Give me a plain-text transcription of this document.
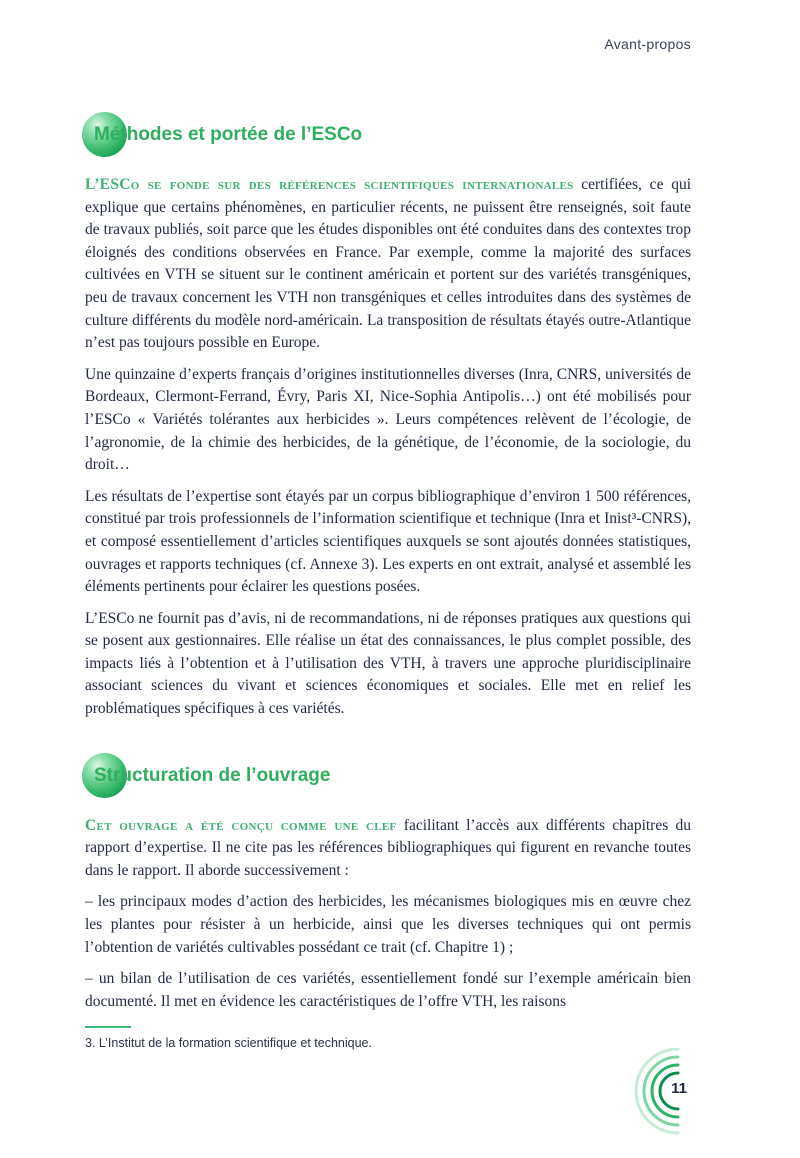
Avant-propos
Méthodes et portée de l’ESCo

L’ESCo se fonde sur des références scientifiques internationales certifiées, ce qui explique que certains phénomènes, en particulier récents, ne puissent être renseignés, soit faute de travaux publiés, soit parce que les études disponibles ont été conduites dans des contextes trop éloignés des conditions observées en France. Par exemple, comme la majorité des surfaces cultivées en VTH se situent sur le continent américain et portent sur des variétés transgéniques, peu de travaux concernent les VTH non transgéniques et celles introduites dans des systèmes de culture différents du modèle nord-américain. La transposition de résultats étayés outre-Atlantique n’est pas toujours possible en Europe.

Une quinzaine d’experts français d’origines institutionnelles diverses (Inra, CNRS, universités de Bordeaux, Clermont-Ferrand, Évry, Paris XI, Nice-Sophia Antipolis…) ont été mobilisés pour l’ESCo « Variétés tolérantes aux herbicides ». Leurs compétences relèvent de l’écologie, de l’agronomie, de la chimie des herbicides, de la génétique, de l’économie, de la sociologie, du droit…

Les résultats de l’expertise sont étayés par un corpus bibliographique d’environ 1 500 références, constitué par trois professionnels de l’information scientifique et technique (Inra et Inist³-CNRS), et composé essentiellement d’articles scientifiques auxquels se sont ajoutés données statistiques, ouvrages et rapports techniques (cf. Annexe 3). Les experts en ont extrait, analysé et assemblé les éléments pertinents pour éclairer les questions posées.

L’ESCo ne fournit pas d’avis, ni de recommandations, ni de réponses pratiques aux questions qui se posent aux gestionnaires. Elle réalise un état des connaissances, le plus complet possible, des impacts liés à l’obtention et à l’utilisation des VTH, à travers une approche pluridisciplinaire associant sciences du vivant et sciences économiques et sociales. Elle met en relief les problématiques spécifiques à ces variétés.

Structuration de l’ouvrage

Cet ouvrage a été conçu comme une clef facilitant l’accès aux différents chapitres du rapport d’expertise. Il ne cite pas les références bibliographiques qui figurent en revanche toutes dans le rapport. Il aborde successivement :

– les principaux modes d’action des herbicides, les mécanismes biologiques mis en œuvre chez les plantes pour résister à un herbicide, ainsi que les diverses techniques qui ont permis l’obtention de variétés cultivables possédant ce trait (cf. Chapitre 1) ;

– un bilan de l’utilisation de ces variétés, essentiellement fondé sur l’exemple américain bien documenté. Il met en évidence les caractéristiques de l’offre VTH, les raisons

3. L’Institut de la formation scientifique et technique.
11
